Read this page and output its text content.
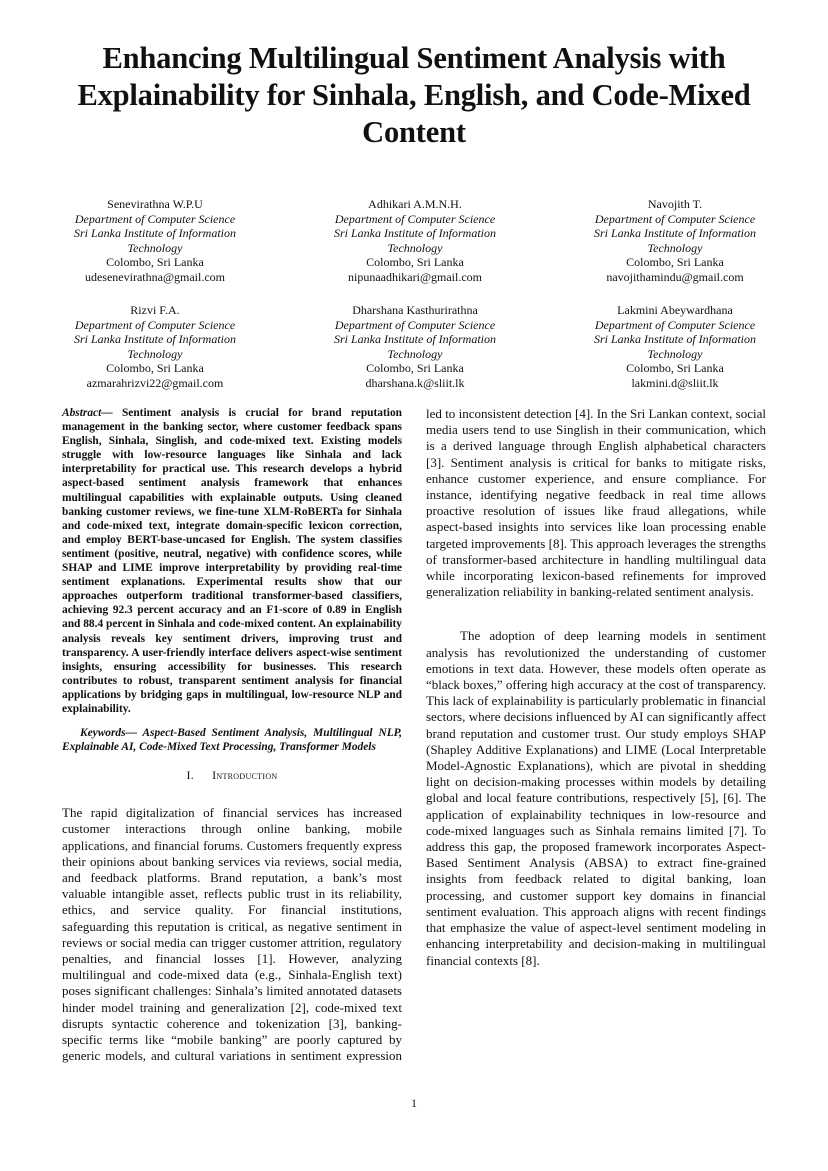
Enhancing Multilingual Sentiment Analysis with Explainability for Sinhala, English, and Code-Mixed Content
Senevirathna W.P.U
Department of Computer Science
Sri Lanka Institute of Information Technology
Colombo, Sri Lanka
udesenevirathna@gmail.com
Adhikari A.M.N.H.
Department of Computer Science
Sri Lanka Institute of Information Technology
Colombo, Sri Lanka
nipunaadhikari@gmail.com
Navojith T.
Department of Computer Science
Sri Lanka Institute of Information Technology
Colombo, Sri Lanka
navojithamindu@gmail.com
Rizvi F.A.
Department of Computer Science
Sri Lanka Institute of Information Technology
Colombo, Sri Lanka
azmarahrizvi22@gmail.com
Dharshana Kasthurirathna
Department of Computer Science
Sri Lanka Institute of Information Technology
Colombo, Sri Lanka
dharshana.k@sliit.lk
Lakmini Abeywardhana
Department of Computer Science
Sri Lanka Institute of Information Technology
Colombo, Sri Lanka
lakmini.d@sliit.lk

Abstract— Sentiment analysis is crucial for brand reputation management in the banking sector, where customer feedback spans English, Sinhala, Singlish, and code-mixed text. Existing models struggle with low-resource languages like Sinhala and lack interpretability for practical use. This research develops a hybrid aspect-based sentiment analysis framework that enhances multilingual capabilities with explainable outputs. Using cleaned banking customer reviews, we fine-tune XLM-RoBERTa for Sinhala and code-mixed text, integrate domain-specific lexicon correction, and employ BERT-base-uncased for English. The system classifies sentiment (positive, neutral, negative) with confidence scores, while SHAP and LIME improve interpretability by providing real-time sentiment explanations. Experimental results show that our approaches outperform traditional transformer-based classifiers, achieving 92.3 percent accuracy and an F1-score of 0.89 in English and 88.4 percent in Sinhala and code-mixed content. An explainability analysis reveals key sentiment drivers, improving trust and transparency. A user-friendly interface delivers aspect-wise sentiment insights, ensuring accessibility for businesses. This research contributes to robust, transparent sentiment analysis for financial applications by bridging gaps in multilingual, low-resource NLP and explainability.

Keywords— Aspect-Based Sentiment Analysis, Multilingual NLP, Explainable AI, Code-Mixed Text Processing, Transformer Models

I. Introduction

The rapid digitalization of financial services has increased customer interactions through online banking, mobile applications, and financial forums. Customers frequently express their opinions about banking services via reviews, social media, and feedback platforms. Brand reputation, a bank’s most valuable intangible asset, reflects public trust in its reliability, ethics, and service quality. For financial institutions, safeguarding this reputation is critical, as negative sentiment in reviews or social media can trigger customer attrition, regulatory penalties, and financial losses [1]. However, analyzing multilingual and code-mixed data (e.g., Sinhala-English text) poses significant challenges: Sinhala’s limited annotated datasets hinder model training and generalization [2], code-mixed text disrupts syntactic coherence and tokenization [3], banking-specific terms like “mobile banking” are poorly captured by generic models, and cultural variations in sentiment expression

led to inconsistent detection [4]. In the Sri Lankan context, social media users tend to use Singlish in their communication, which is a derived language through English alphabetical characters [3]. Sentiment analysis is critical for banks to mitigate risks, enhance customer experience, and ensure compliance. For instance, identifying negative feedback in real time allows proactive resolution of issues like fraud allegations, while aspect-based insights into services like loan processing enable targeted improvements [8]. This approach leverages the strengths of transformer-based architecture in handling multilingual data while incorporating lexicon-based refinements for improved generalization reliability in banking-related sentiment analysis.

The adoption of deep learning models in sentiment analysis has revolutionized the understanding of customer emotions in text data. However, these models often operate as “black boxes,” offering high accuracy at the cost of transparency. This lack of explainability is particularly problematic in financial sectors, where decisions influenced by AI can significantly affect brand reputation and customer trust. Our study employs SHAP (Shapley Additive Explanations) and LIME (Local Interpretable Model-Agnostic Explanations), which are pivotal in shedding light on decision-making processes within models by detailing global and local feature contributions, respectively [5], [6]. The application of explainability techniques in low-resource and code-mixed languages such as Sinhala remains limited [7]. To address this gap, the proposed framework incorporates Aspect-Based Sentiment Analysis (ABSA) to extract fine-grained insights from feedback related to digital banking, loan processing, and customer support key domains in financial sentiment evaluation. This approach aligns with recent findings that emphasize the value of aspect-level sentiment modeling in enhancing interpretability and decision-making in multilingual financial contexts [8].

1
